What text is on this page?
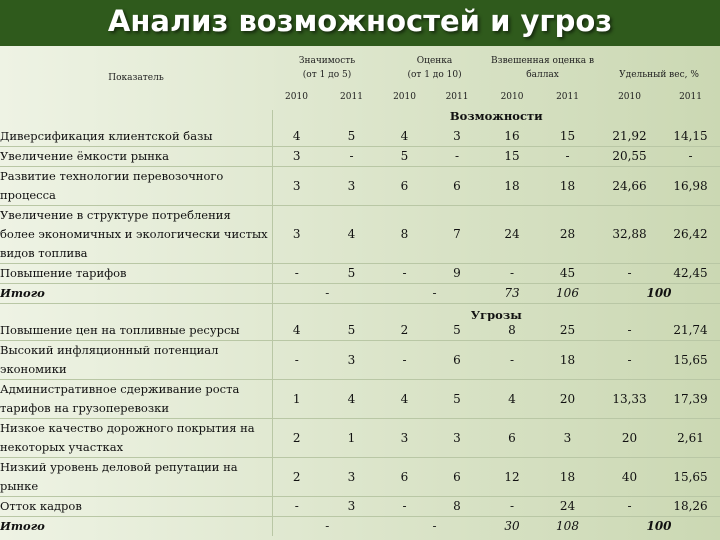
Анализ возможностей и угроз
Показатель	Значимость
(от 1 до 5)		Оценка
(от 1 до 10)		Взвешенная оценка в
баллах		Удельный вес, %	
	2010	2011	2010	2011	2010	2011	2010	2011
	Возможности							
Диверсификация клиентской базы	4	5	4	3	16	15	21,92	14,15
Увеличение ёмкости рынка	3	-	5	-	15	-	20,55	-
Развитие технологии перевозочного
процесса	3	3	6	6	18	18	24,66	16,98
Увеличение в структуре потребления
более экономичных и экологически чистых
видов топлива	3	4	8	7	24	28	32,88	26,42
Повышение тарифов	-	5	-	9	-	45	-	42,45
Итого	-		-		73	106	100	
	Угрозы							
Повышение цен на топливные ресурсы	4	5	2	5	8	25	-	21,74
Высокий инфляционный потенциал
экономики	-	3	-	6	-	18	-	15,65
Административное сдерживание роста
тарифов на грузоперевозки	1	4	4	5	4	20	13,33	17,39
Низкое качество дорожного покрытия на
некоторых участках	2	1	3	3	6	3	20	2,61
Низкий уровень деловой репутации на
рынке	2	3	6	6	12	18	40	15,65
Отток кадров	-	3	-	8	-	24	-	18,26
Итого	-		-		30	108	100	
